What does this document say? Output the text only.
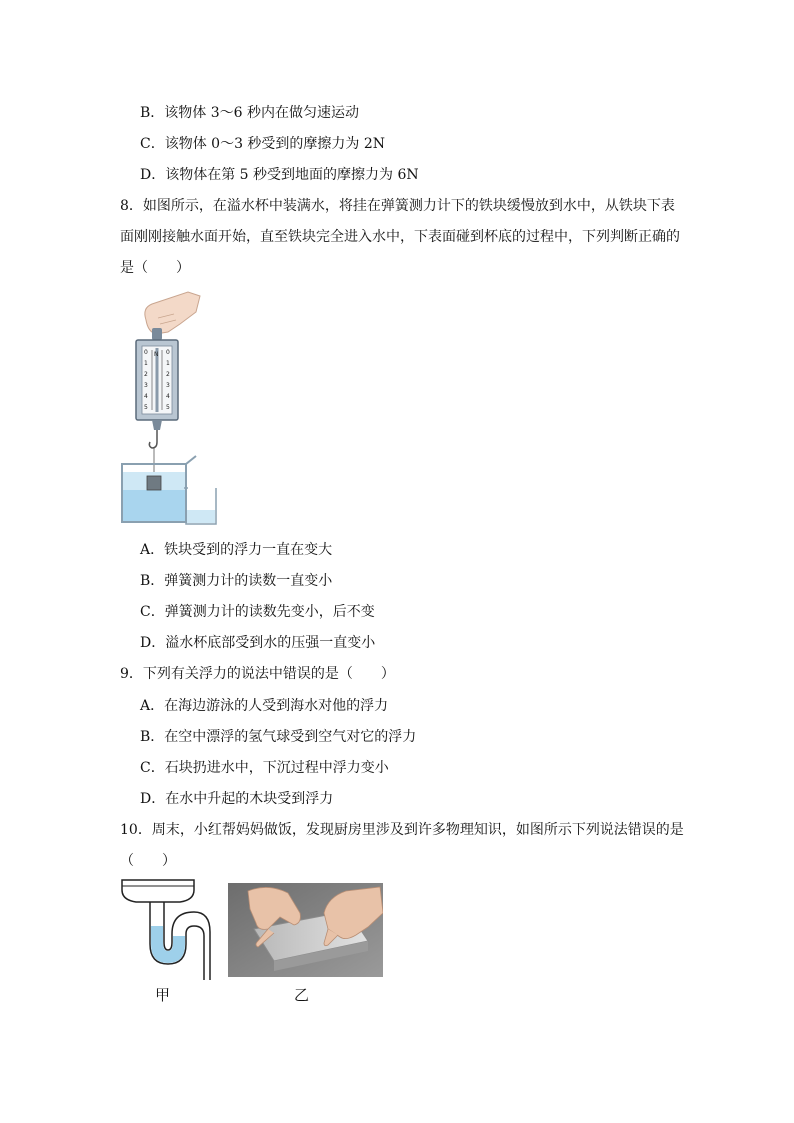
B．该物体 3～6 秒内在做匀速运动
C．该物体 0～3 秒受到的摩擦力为 2N
D．该物体在第 5 秒受到地面的摩擦力为 6N
8．如图所示，在溢水杯中装满水，将挂在弹簧测力计下的铁块缓慢放到水中，从铁块下表
面刚刚接触水面开始，直至铁块完全进入水中，下表面碰到杯底的过程中，下列判断正确的
是（　　）
0
1
2
3
4
5
0
1
2
3
4
5
N
A．铁块受到的浮力一直在变大
B．弹簧测力计的读数一直变小
C．弹簧测力计的读数先变小，后不变
D．溢水杯底部受到水的压强一直变小
9．下列有关浮力的说法中错误的是（　　）
A．在海边游泳的人受到海水对他的浮力
B．在空中漂浮的氢气球受到空气对它的浮力
C．石块扔进水中，下沉过程中浮力变小
D．在水中升起的木块受到浮力
10．周末，小红帮妈妈做饭，发现厨房里涉及到许多物理知识，如图所示下列说法错误的是
（　　）
甲	乙
